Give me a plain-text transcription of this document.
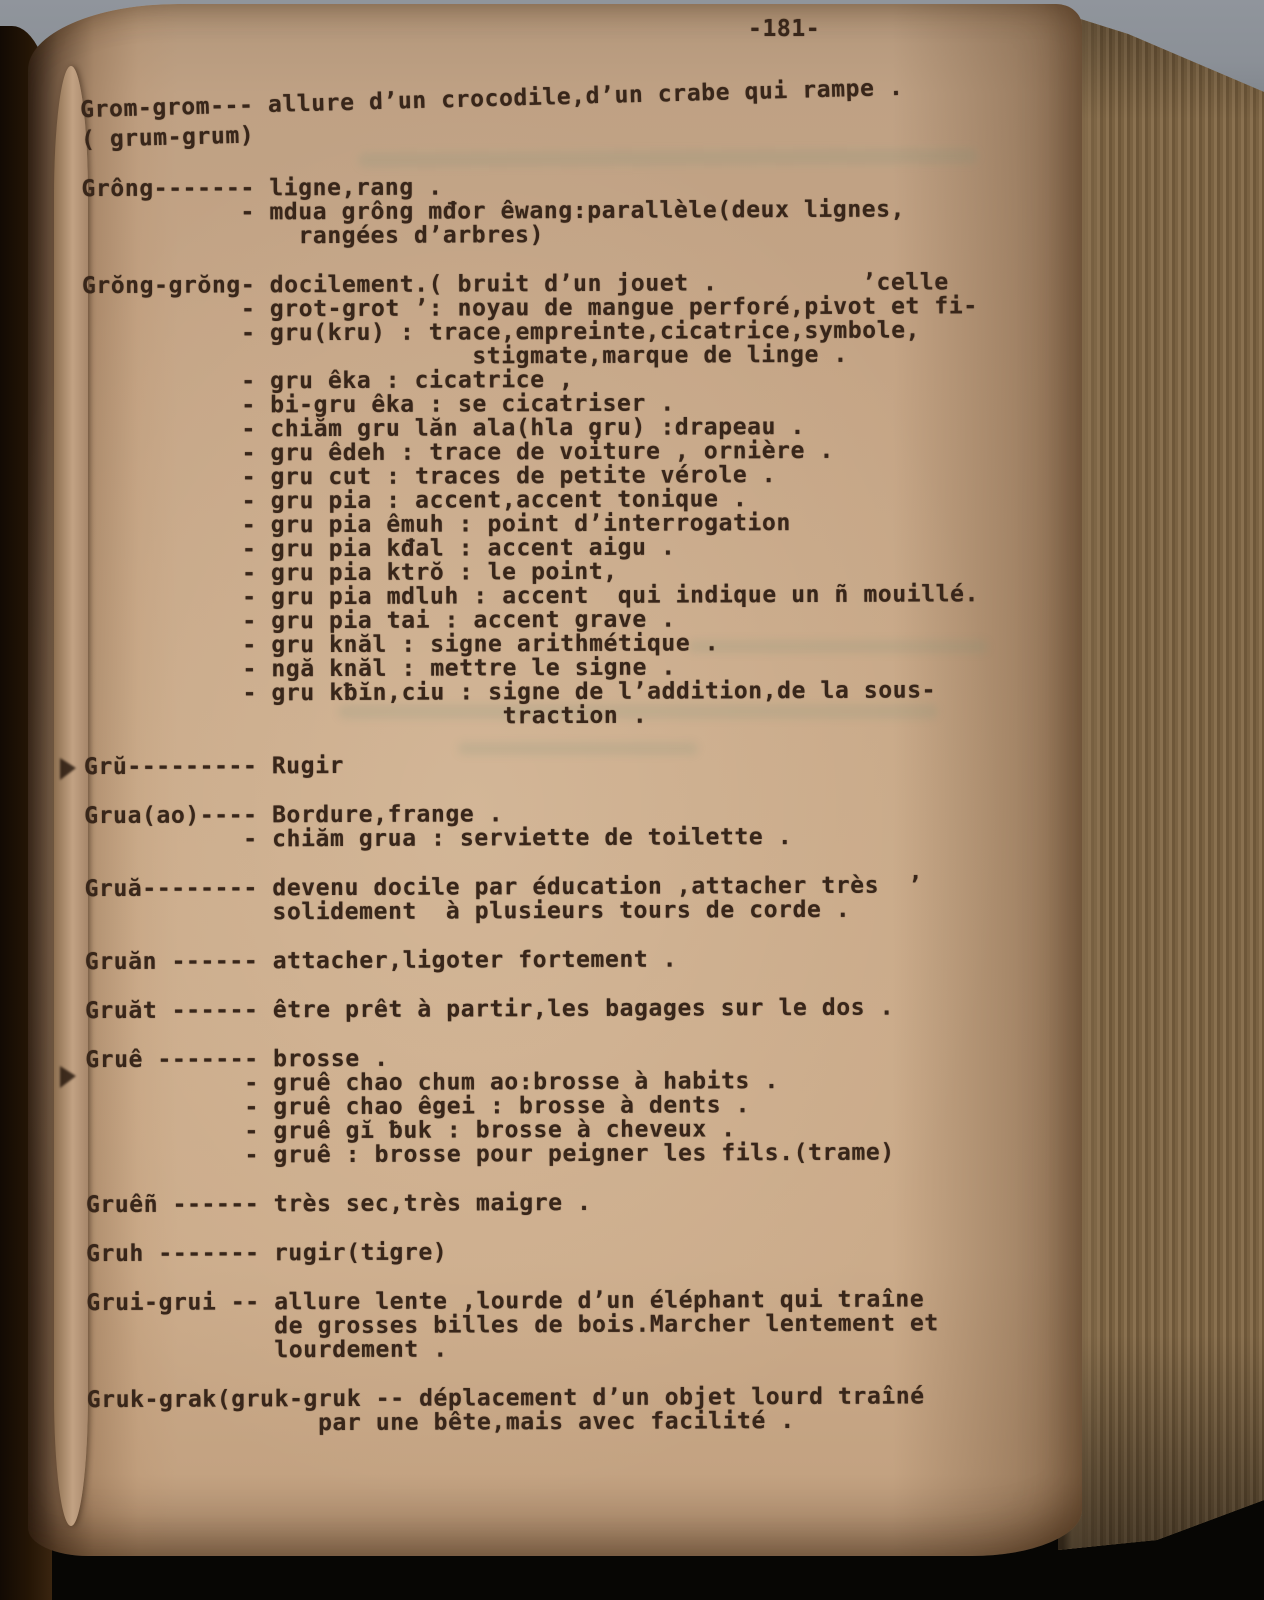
-181-
Grom-grom--- allure d’un crocodile,d’un crabe qui rampe .
( grum-grum)
Grông------- ligne,rang .
- mdua grông mđor êwang:parallèle(deux lignes,
rangées d’arbres)
Grŏng-grŏng- docilement.( bruit d’un jouet .          ’celle
- grot-grot ’: noyau de mangue perforé,pivot et fi-
- gru(kru) : trace,empreinte,cicatrice,symbole,
stigmate,marque de linge .
- gru êka : cicatrice ,
- bi-gru êka : se cicatriser .
- chiăm gru lăn ala(hla gru) :drapeau .
- gru êdeh : trace de voiture , ornière .
- gru cut : traces de petite vérole .
- gru pia : accent,accent tonique .
- gru pia êmuh : point d’interrogation
- gru pia kđal : accent aigu .
- gru pia ktrŏ : le point,
- gru pia mdluh : accent  qui indique un ñ mouillé.
- gru pia tai : accent grave .
- gru knăl : signe arithmétique .
- ngă knăl : mettre le signe .
- gru kƀĭn,ciu : signe de l’addition,de la sous-
traction .
Grŭ--------- Rugir
Grua(ao)---- Bordure,frange .
- chiăm grua : serviette de toilette .
Gruă-------- devenu docile par éducation ,attacher très  ’
solidement  à plusieurs tours de corde .
Gruăn ------ attacher,ligoter fortement .
Gruăt ------ être prêt à partir,les bagages sur le dos .
Gruê ------- brosse .
- gruê chao chum ao:brosse à habits .
- gruê chao êgei : brosse à dents .
- gruê gĭ ƀuk : brosse à cheveux .
- gruê : brosse pour peigner les fils.(trame)
Gruêñ ------ très sec,très maigre .
Gruh ------- rugir(tigre)
Grui-grui -- allure lente ,lourde d’un éléphant qui traîne
de grosses billes de bois.Marcher lentement et
lourdement .
Gruk-grak(gruk-gruk -- déplacement d’un objet lourd traîné
par une bête,mais avec facilité .
